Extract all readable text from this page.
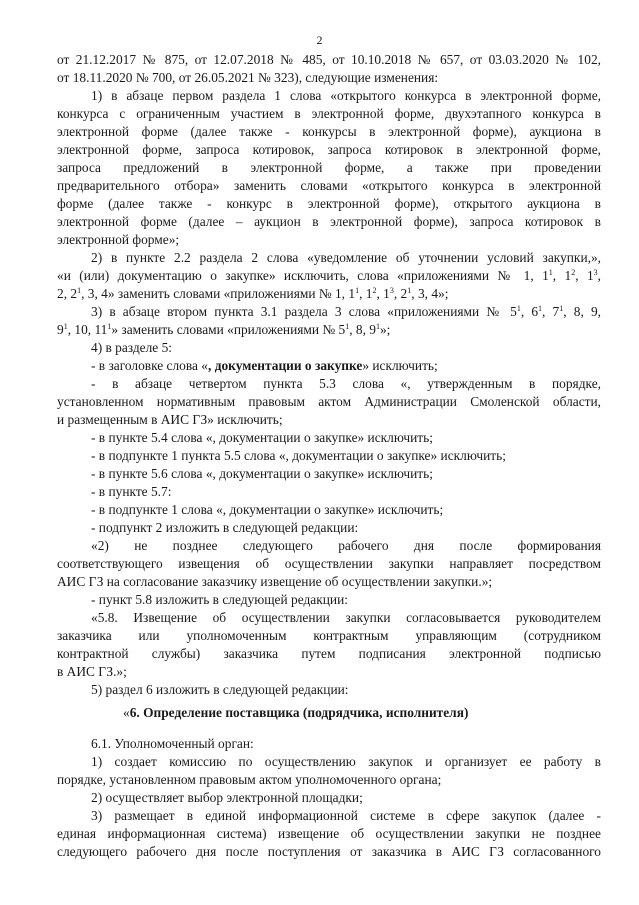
2
от 21.12.2017 № 875, от 12.07.2018 № 485, от 10.10.2018 № 657, от 03.03.2020 № 102,
от 18.11.2020 № 700, от 26.05.2021 № 323), следующие изменения:
1) в абзаце первом раздела 1 слова «открытого конкурса в электронной форме,
конкурса с ограниченным участием в электронной форме, двухэтапного конкурса в
электронной форме (далее также - конкурсы в электронной форме), аукциона в
электронной форме, запроса котировок, запроса котировок в электронной форме,
запроса предложений в электронной форме, а также при проведении
предварительного отбора» заменить словами «открытого конкурса в электронной
форме (далее также - конкурс в электронной форме), открытого аукциона в
электронной форме (далее – аукцион в электронной форме), запроса котировок в
электронной форме»;
2) в пункте 2.2 раздела 2 слова «уведомление об уточнении условий закупки,»,
«и (или) документацию о закупке» исключить, слова «приложениями № 1, $1^1$, $1^2$, $1^3$,
2, $2^1$, 3, 4» заменить словами «приложениями № 1, $1^1$, $1^2$, $1^3$, $2^1$, 3, 4»;
3) в абзаце втором пункта 3.1 раздела 3 слова «приложениями № $5^1$, $6^1$, $7^1$, 8, 9,
$9^1$, 10, $11^1$» заменить словами «приложениями № $5^1$, 8, $9^1$»;
4) в разделе 5:
- в заголовке слова «, документации о закупке» исключить;
- в абзаце четвертом пункта 5.3 слова «, утвержденным в порядке,
установленном нормативным правовым актом Администрации Смоленской области,
и размещенным в АИС ГЗ» исключить;
- в пункте 5.4 слова «, документации о закупке» исключить;
- в подпункте 1 пункта 5.5 слова «, документации о закупке» исключить;
- в пункте 5.6 слова «, документации о закупке» исключить;
- в пункте 5.7:
- в подпункте 1 слова «, документации о закупке» исключить;
- подпункт 2 изложить в следующей редакции:
«2) не позднее следующего рабочего дня после формирования
соответствующего извещения об осуществлении закупки направляет посредством
АИС ГЗ на согласование заказчику извещение об осуществлении закупки.»;
- пункт 5.8 изложить в следующей редакции:
«5.8. Извещение об осуществлении закупки согласовывается руководителем
заказчика или уполномоченным контрактным управляющим (сотрудником
контрактной службы) заказчика путем подписания электронной подписью
в АИС ГЗ.»;
5) раздел 6 изложить в следующей редакции:
«6. Определение поставщика (подрядчика, исполнителя)
6.1. Уполномоченный орган:
1) создает комиссию по осуществлению закупок и организует ее работу в
порядке, установленном правовым актом уполномоченного органа;
2) осуществляет выбор электронной площадки;
3) размещает в единой информационной системе в сфере закупок (далее -
единая информационная система) извещение об осуществлении закупки не позднее
следующего рабочего дня после поступления от заказчика в АИС ГЗ согласованного
